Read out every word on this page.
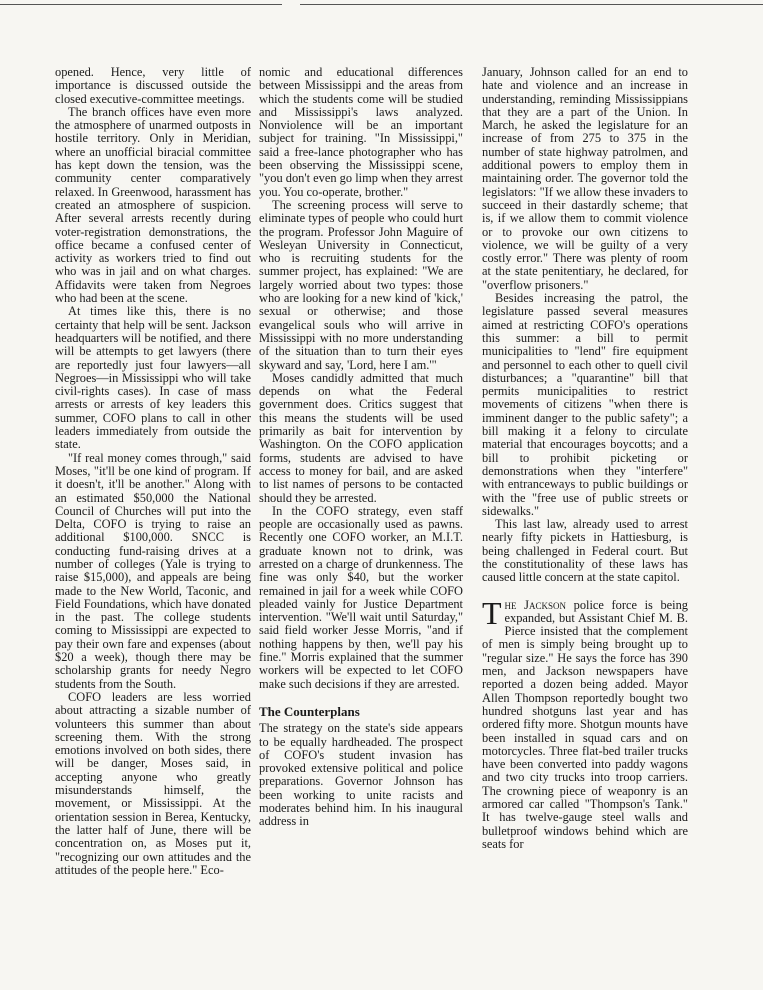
opened. Hence, very little of importance is discussed outside the closed executive-committee meetings.

The branch offices have even more the atmosphere of unarmed outposts in hostile territory. Only in Meridian, where an unofficial biracial committee has kept down the tension, was the community center comparatively relaxed. In Greenwood, harassment has created an atmosphere of suspicion. After several arrests recently during voter-registration demonstrations, the office became a confused center of activity as workers tried to find out who was in jail and on what charges. Affidavits were taken from Negroes who had been at the scene.

At times like this, there is no certainty that help will be sent. Jackson headquarters will be notified, and there will be attempts to get lawyers (there are reportedly just four lawyers—all Negroes—in Mississippi who will take civil-rights cases). In case of mass arrests or arrests of key leaders this summer, COFO plans to call in other leaders immediately from outside the state.

"If real money comes through," said Moses, "it'll be one kind of program. If it doesn't, it'll be another." Along with an estimated $50,000 the National Council of Churches will put into the Delta, COFO is trying to raise an additional $100,000. SNCC is conducting fund-raising drives at a number of colleges (Yale is trying to raise $15,000), and appeals are being made to the New World, Taconic, and Field Foundations, which have donated in the past. The college students coming to Mississippi are expected to pay their own fare and expenses (about $20 a week), though there may be scholarship grants for needy Negro students from the South.

COFO leaders are less worried about attracting a sizable number of volunteers this summer than about screening them. With the strong emotions involved on both sides, there will be danger, Moses said, in accepting anyone who greatly misunderstands himself, the movement, or Mississippi. At the orientation session in Berea, Kentucky, the latter half of June, there will be concentration on, as Moses put it, "recognizing our own attitudes and the attitudes of the people here." Eco-

nomic and educational differences between Mississippi and the areas from which the students come will be studied and Mississippi's laws analyzed. Nonviolence will be an important subject for training. "In Mississippi," said a free-lance photographer who has been observing the Mississippi scene, "you don't even go limp when they arrest you. You co-operate, brother."

The screening process will serve to eliminate types of people who could hurt the program. Professor John Maguire of Wesleyan University in Connecticut, who is recruiting students for the summer project, has explained: "We are largely worried about two types: those who are looking for a new kind of 'kick,' sexual or otherwise; and those evangelical souls who will arrive in Mississippi with no more understanding of the situation than to turn their eyes skyward and say, 'Lord, here I am.'"

Moses candidly admitted that much depends on what the Federal government does. Critics suggest that this means the students will be used primarily as bait for intervention by Washington. On the COFO application forms, students are advised to have access to money for bail, and are asked to list names of persons to be contacted should they be arrested.

In the COFO strategy, even staff people are occasionally used as pawns. Recently one COFO worker, an M.I.T. graduate known not to drink, was arrested on a charge of drunkenness. The fine was only $40, but the worker remained in jail for a week while COFO pleaded vainly for Justice Department intervention. "We'll wait until Saturday," said field worker Jesse Morris, "and if nothing happens by then, we'll pay his fine." Morris explained that the summer workers will be expected to let COFO make such decisions if they are arrested.

The Counterplans

The strategy on the state's side appears to be equally hardheaded. The prospect of COFO's student invasion has provoked extensive political and police preparations. Governor Johnson has been working to unite racists and moderates behind him. In his inaugural address in

January, Johnson called for an end to hate and violence and an increase in understanding, reminding Mississippians that they are a part of the Union. In March, he asked the legislature for an increase of from 275 to 375 in the number of state highway patrolmen, and additional powers to employ them in maintaining order. The governor told the legislators: "If we allow these invaders to succeed in their dastardly scheme; that is, if we allow them to commit violence or to provoke our own citizens to violence, we will be guilty of a very costly error." There was plenty of room at the state penitentiary, he declared, for "overflow prisoners."

Besides increasing the patrol, the legislature passed several measures aimed at restricting COFO's operations this summer: a bill to permit municipalities to "lend" fire equipment and personnel to each other to quell civil disturbances; a "quarantine" bill that permits municipalities to restrict movements of citizens "when there is imminent danger to the public safety"; a bill making it a felony to circulate material that encourages boycotts; and a bill to prohibit picketing or demonstrations when they "interfere" with entranceways to public buildings or with the "free use of public streets or sidewalks."

This last law, already used to arrest nearly fifty pickets in Hattiesburg, is being challenged in Federal court. But the constitutionality of these laws has caused little concern at the state capitol.

The Jackson police force is being expanded, but Assistant Chief M. B. Pierce insisted that the complement of men is simply being brought up to "regular size." He says the force has 390 men, and Jackson newspapers have reported a dozen being added. Mayor Allen Thompson reportedly bought two hundred shotguns last year and has ordered fifty more. Shotgun mounts have been installed in squad cars and on motorcycles. Three flat-bed trailer trucks have been converted into paddy wagons and two city trucks into troop carriers. The crowning piece of weaponry is an armored car called "Thompson's Tank." It has twelve-gauge steel walls and bulletproof windows behind which are seats for
